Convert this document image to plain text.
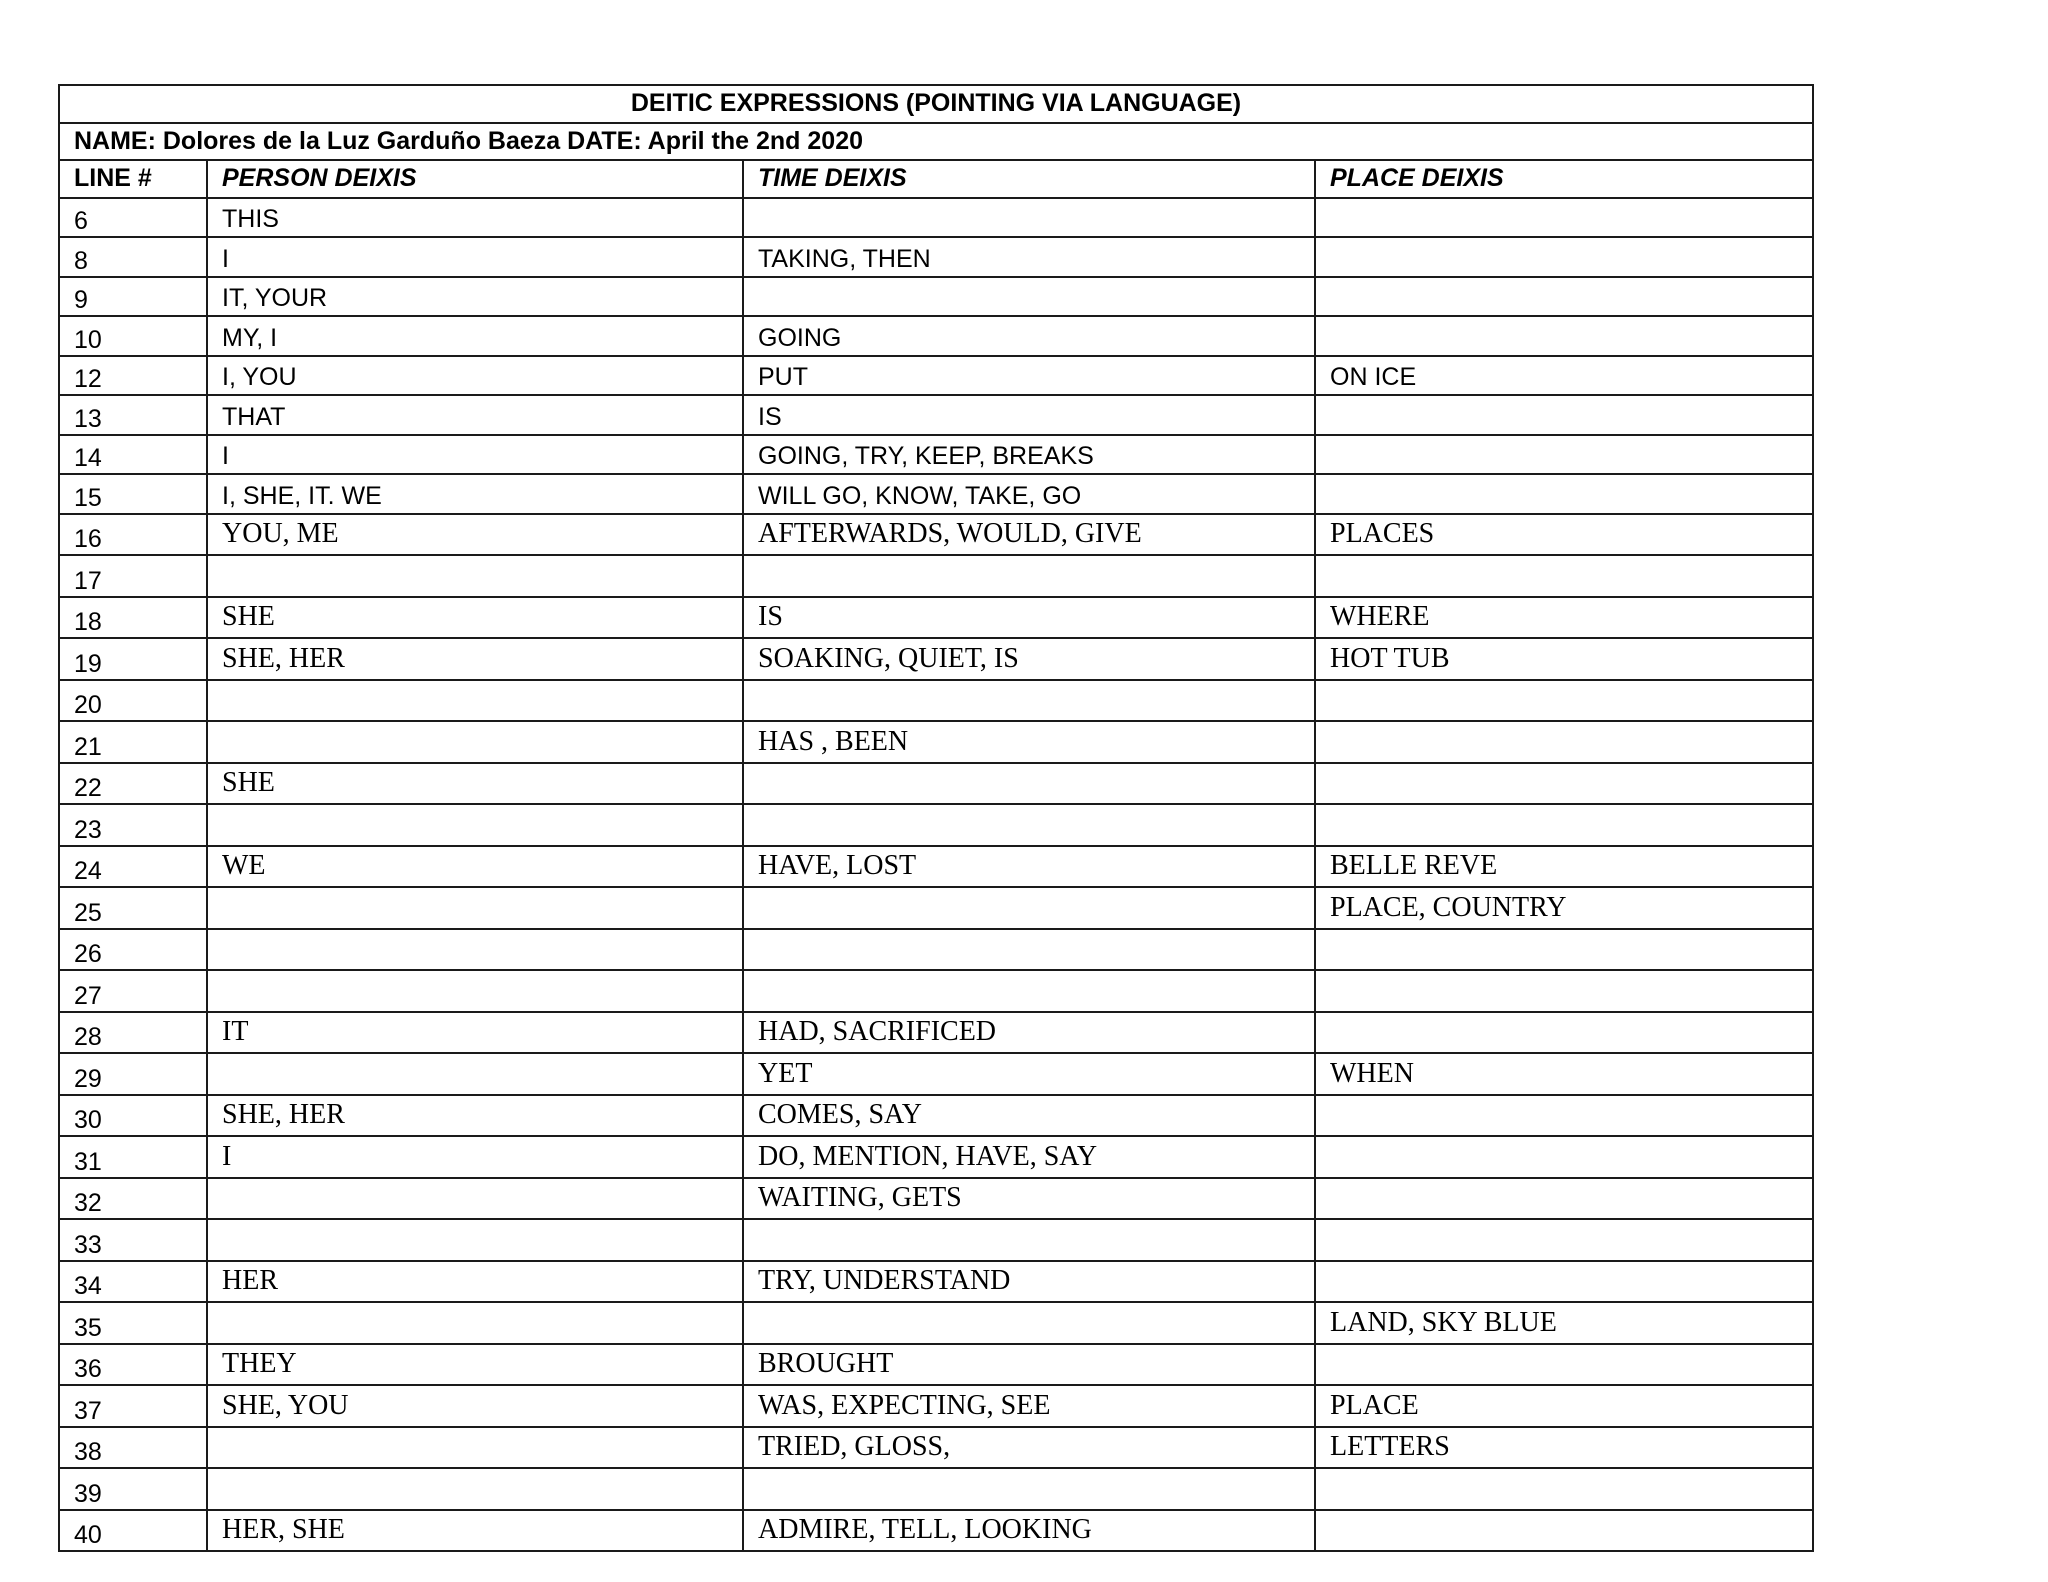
DEITIC EXPRESSIONS (POINTING VIA LANGUAGE)			
NAME: Dolores de la Luz Garduño Baeza DATE: April the 2nd 2020			
LINE #	PERSON DEIXIS	TIME DEIXIS	PLACE DEIXIS
6	THIS		
8	I	TAKING, THEN	
9	IT, YOUR		
10	MY, I	GOING	
12	I, YOU	PUT	ON ICE
13	THAT	IS	
14	I	GOING, TRY, KEEP, BREAKS	
15	I, SHE, IT. WE	WILL GO, KNOW, TAKE, GO	
16	YOU, ME	AFTERWARDS, WOULD, GIVE	PLACES
17			
18	SHE	IS	WHERE
19	SHE, HER	SOAKING, QUIET, IS	HOT TUB
20			
21		HAS , BEEN	
22	SHE		
23			
24	WE	HAVE, LOST	BELLE REVE
25			PLACE, COUNTRY
26			
27			
28	IT	HAD, SACRIFICED	
29		YET	WHEN
30	SHE, HER	COMES, SAY	
31	I	DO, MENTION, HAVE, SAY	
32		WAITING, GETS	
33			
34	HER	TRY, UNDERSTAND	
35			LAND, SKY BLUE
36	THEY	BROUGHT	
37	SHE, YOU	WAS, EXPECTING, SEE	PLACE
38		TRIED, GLOSS,	LETTERS
39			
40	HER, SHE	ADMIRE, TELL, LOOKING	
